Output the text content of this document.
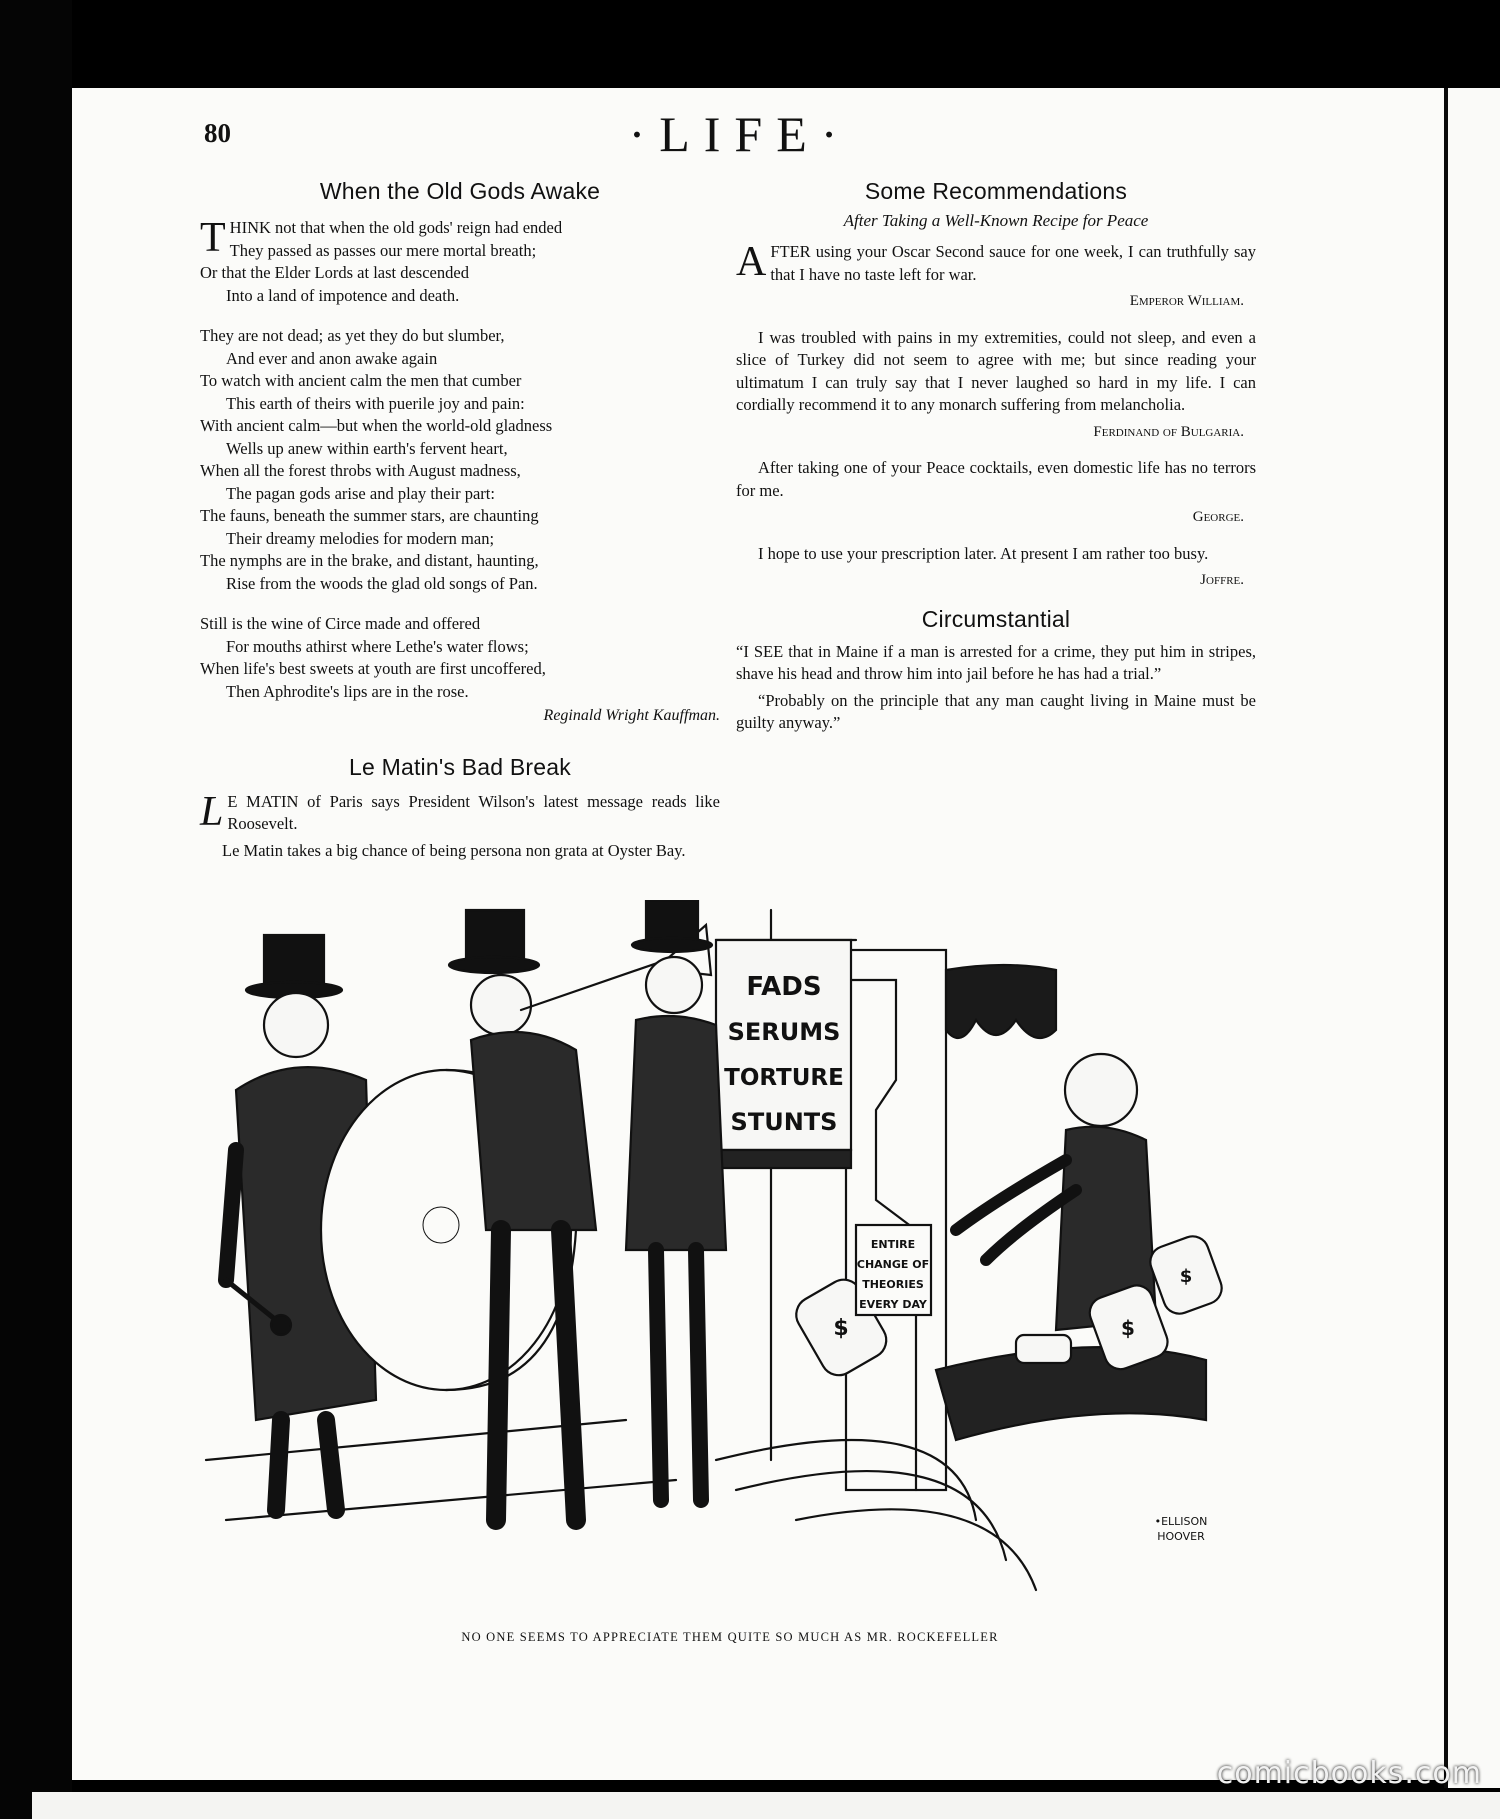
80	·LIFE·
When the Old Gods Awake
T HINK not that when the old gods' reign had ended
They passed as passes our mere mortal breath;
Or that the Elder Lords at last descended
Into a land of impotence and death.
They are not dead; as yet they do but slumber,
And ever and anon awake again
To watch with ancient calm the men that cumber
This earth of theirs with puerile joy and pain:
With ancient calm—but when the world-old gladness
Wells up anew within earth's fervent heart,
When all the forest throbs with August madness,
The pagan gods arise and play their part:
The fauns, beneath the summer stars, are chaunting
Their dreamy melodies for modern man;
The nymphs are in the brake, and distant, haunting,
Rise from the woods the glad old songs of Pan.
Still is the wine of Circe made and offered
For mouths athirst where Lethe's water flows;
When life's best sweets at youth are first uncoffered,
Then Aphrodite's lips are in the rose.
Reginald Wright Kauffman.
Le Matin's Bad Break

L E MATIN of Paris says President Wilson's latest message reads like Roosevelt.

Le Matin takes a big chance of being persona non grata at Oyster Bay.

Some Recommendations
After Taking a Well-Known Recipe for Peace

AFTER using your Oscar Second sauce for one week, I can truthfully say that I have no taste left for war.

Emperor William.

I was troubled with pains in my extremities, could not sleep, and even a slice of Turkey did not seem to agree with me; but since reading your ultimatum I can truly say that I never laughed so hard in my life. I can cordially recommend it to any monarch suffering from melancholia.

Ferdinand of Bulgaria.

After taking one of your Peace cocktails, even domestic life has no terrors for me.

George.

I hope to use your prescription later. At present I am rather too busy.

Joffre.
Circumstantial

“I SEE that in Maine if a man is arrested for a crime, they put him in stripes, shave his head and throw him into jail before he has had a trial.”

“Probably on the principle that any man caught living in Maine must be guilty anyway.”

FADS
SERUMS
TORTURE
STUNTS
ENTIRE
CHANGE OF
THEORIES
EVERY DAY
$	$
$
•ELLISON
HOOVER
NO ONE SEEMS TO APPRECIATE THEM QUITE SO MUCH AS MR. ROCKEFELLER
comicbooks.com
